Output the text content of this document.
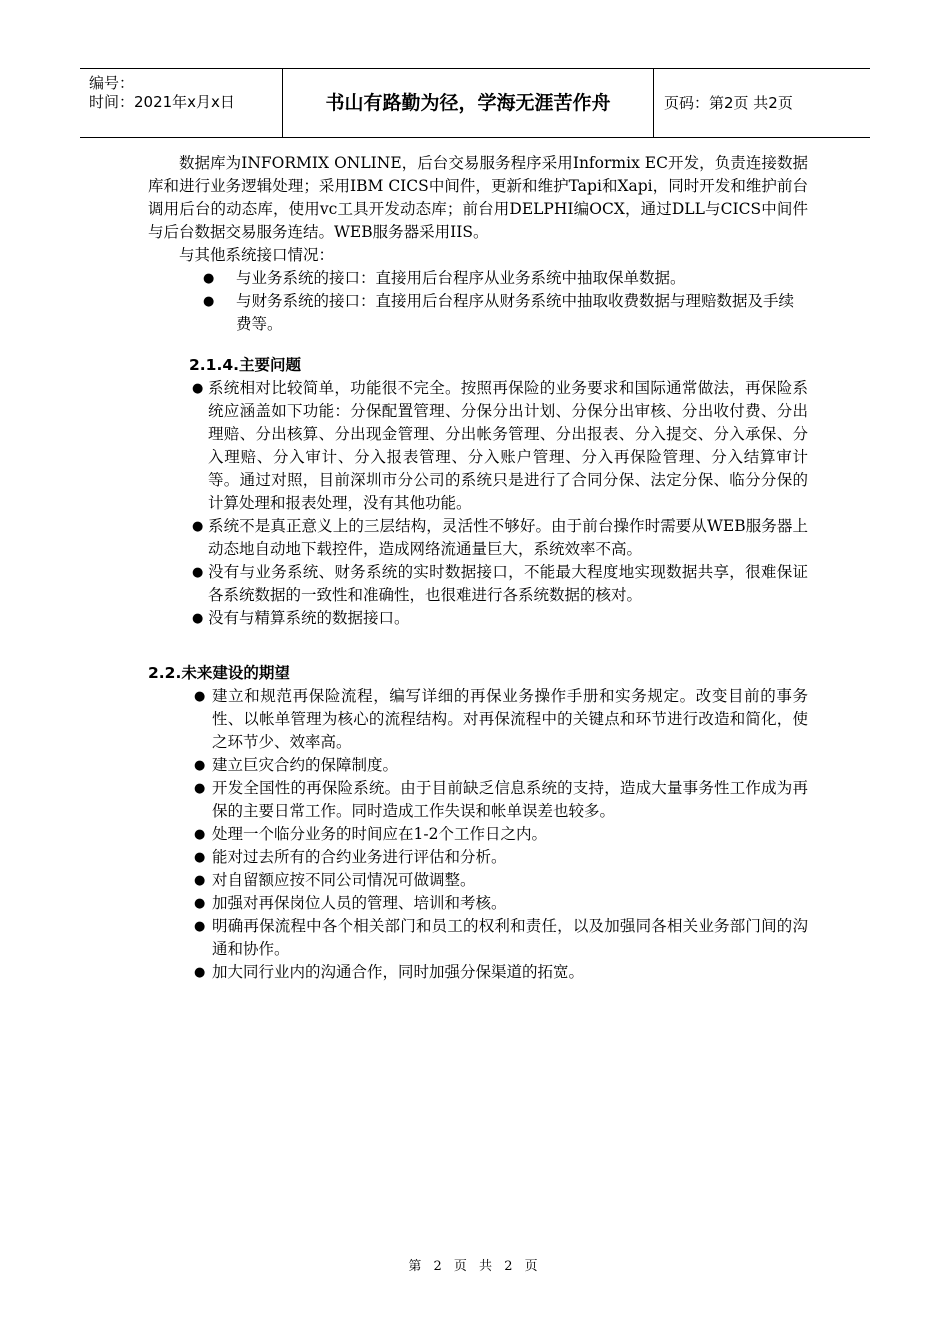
编号：
时间：2021年x月x日	书山有路勤为径，学海无涯苦作舟	页码：第2页 共2页

数据库为INFORMIX ONLINE，后台交易服务程序采用Informix EC开发，负责连接数据库和进行业务逻辑处理；采用IBM CICS中间件，更新和维护Tapi和Xapi，同时开发和维护前台调用后台的动态库，使用vc工具开发动态库；前台用DELPHI编OCX，通过DLL与CICS中间件与后台数据交易服务连结。WEB服务器采用IIS。

与其他系统接口情况：

● 与业务系统的接口：直接用后台程序从业务系统中抽取保单数据。
● 与财务系统的接口：直接用后台程序从财务系统中抽取收费数据与理赔数据及手续费等。

2.1.4.主要问题

● 系统相对比较简单，功能很不完全。按照再保险的业务要求和国际通常做法，再保险系统应涵盖如下功能：分保配置管理、分保分出计划、分保分出审核、分出收付费、分出理赔、分出核算、分出现金管理、分出帐务管理、分出报表、分入提交、分入承保、分入理赔、分入审计、分入报表管理、分入账户管理、分入再保险管理、分入结算审计等。通过对照，目前深圳市分公司的系统只是进行了合同分保、法定分保、临分分保的计算处理和报表处理，没有其他功能。
● 系统不是真正意义上的三层结构，灵活性不够好。由于前台操作时需要从WEB服务器上动态地自动地下载控件，造成网络流通量巨大，系统效率不高。
● 没有与业务系统、财务系统的实时数据接口，不能最大程度地实现数据共享，很难保证各系统数据的一致性和准确性，也很难进行各系统数据的核对。
● 没有与精算系统的数据接口。

2.2.未来建设的期望

● 建立和规范再保险流程，编写详细的再保业务操作手册和实务规定。改变目前的事务性、以帐单管理为核心的流程结构。对再保流程中的关键点和环节进行改造和简化，使之环节少、效率高。
● 建立巨灾合约的保障制度。
● 开发全国性的再保险系统。由于目前缺乏信息系统的支持，造成大量事务性工作成为再保的主要日常工作。同时造成工作失误和帐单误差也较多。
● 处理一个临分业务的时间应在1-2个工作日之内。
● 能对过去所有的合约业务进行评估和分析。
● 对自留额应按不同公司情况可做调整。
● 加强对再保岗位人员的管理、培训和考核。
● 明确再保流程中各个相关部门和员工的权利和责任，以及加强同各相关业务部门间的沟通和协作。
● 加大同行业内的沟通合作，同时加强分保渠道的拓宽。
第 2 页 共 2 页
